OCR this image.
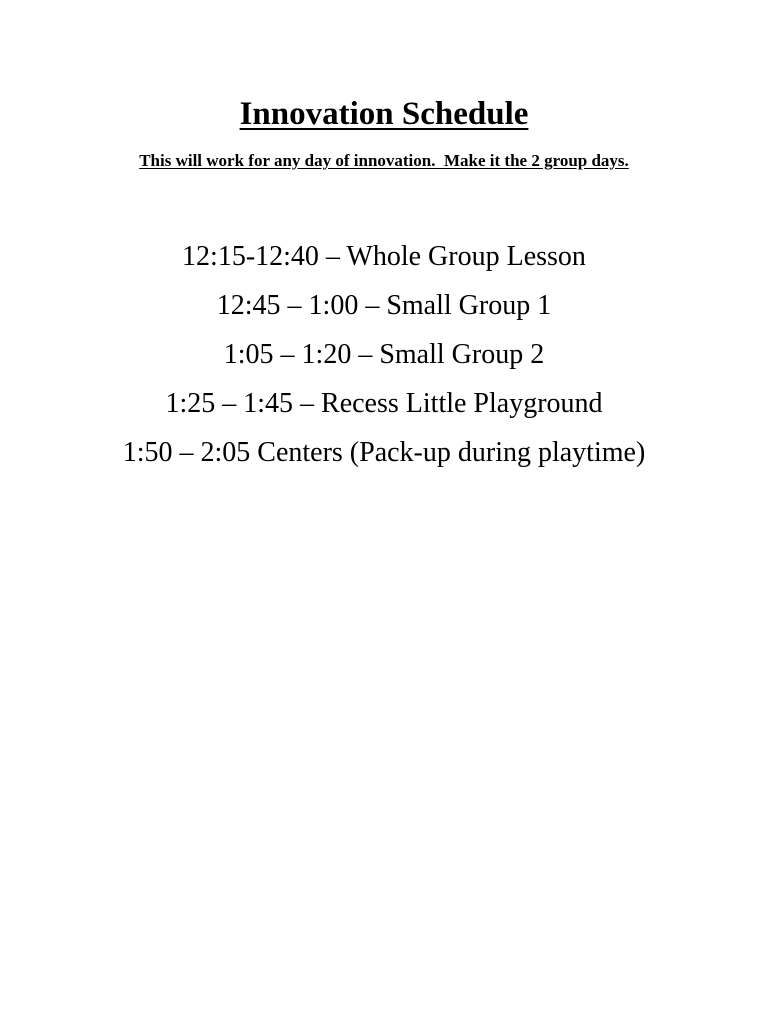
Innovation Schedule

This will work for any day of innovation.  Make it the 2 group days.

12:15-12:40 – Whole Group Lesson
12:45 – 1:00 – Small Group 1
1:05 – 1:20 – Small Group 2
1:25 – 1:45 – Recess Little Playground
1:50 – 2:05 Centers (Pack-up during playtime)
